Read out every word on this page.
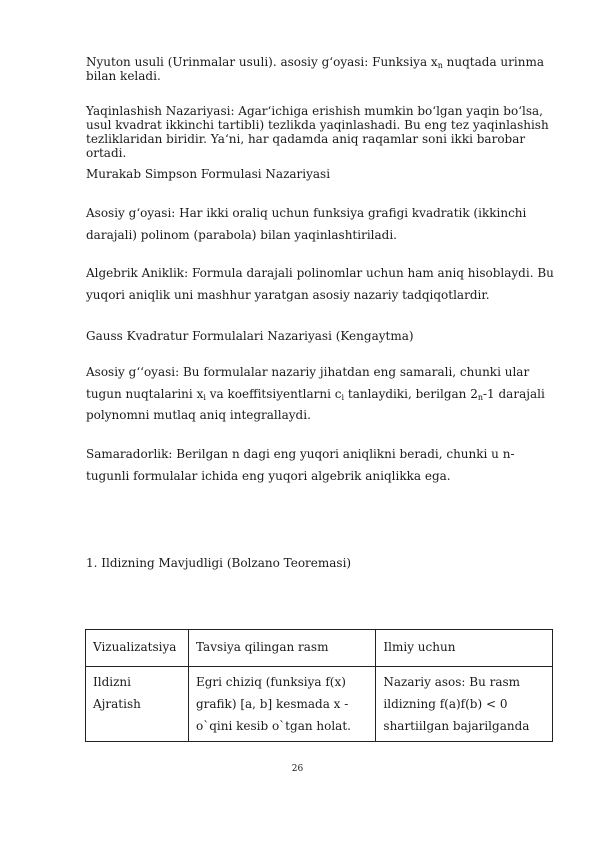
Nyuton usuli (Urinmalar usuli). asosiy gʻoyasi: Funksiya $x_n$ nuqtada urinma bilan keladi.

Yaqinlashish Nazariyasi: Agarʻichiga erishish mumkin boʻlgan yaqin boʻlsa, usul kvadrat ikkinchi tartibli) tezlikda yaqinlashadi. Bu eng tez yaqinlashish tezliklaridan biridir. Yaʻni, har qadamda aniq raqamlar soni ikki barobar ortadi.

Murakab Simpson Formulasi Nazariyasi

Asosiy gʻoyasi: Har ikki oraliq uchun funksiya grafigi kvadratik (ikkinchi darajali) polinom (parabola) bilan yaqinlashtiriladi.

Algebrik Aniklik: Formula darajali polinomlar uchun ham aniq hisoblaydi. Bu yuqori aniqlik uni mashhur yaratgan asosiy nazariy tadqiqotlardir.

Gauss Kvadratur Formulalari Nazariyasi (Kengaytma)

Asosiy gʻʻoyasi: Bu formulalar nazariy jihatdan eng samarali, chunki ular tugun nuqtalarini $x_i$ va koeffitsiyentlarni $c_i$ tanlaydiki, berilgan $2_n-1$ darajali polynomni mutlaq aniq integrallaydi.

Samaradorlik: Berilgan n dagi eng yuqori aniqlikni beradi, chunki u n-tugunli formulalar ichida eng yuqori algebrik aniqlikka ega.

1. Ildizning Mavjudligi (Bolzano Teoremasi)

Vizualizatsiya	Tavsiya qilingan rasm	Ilmiy uchun
Ildizni Ajratish	Egri chiziq (funksiya f(x) grafik) [a, b] kesmada x - o`qini kesib o`tgan holat.	Nazariy asos: Bu rasm ildizning f(a)f(b) < 0 shartiilgan bajarilganda
26
